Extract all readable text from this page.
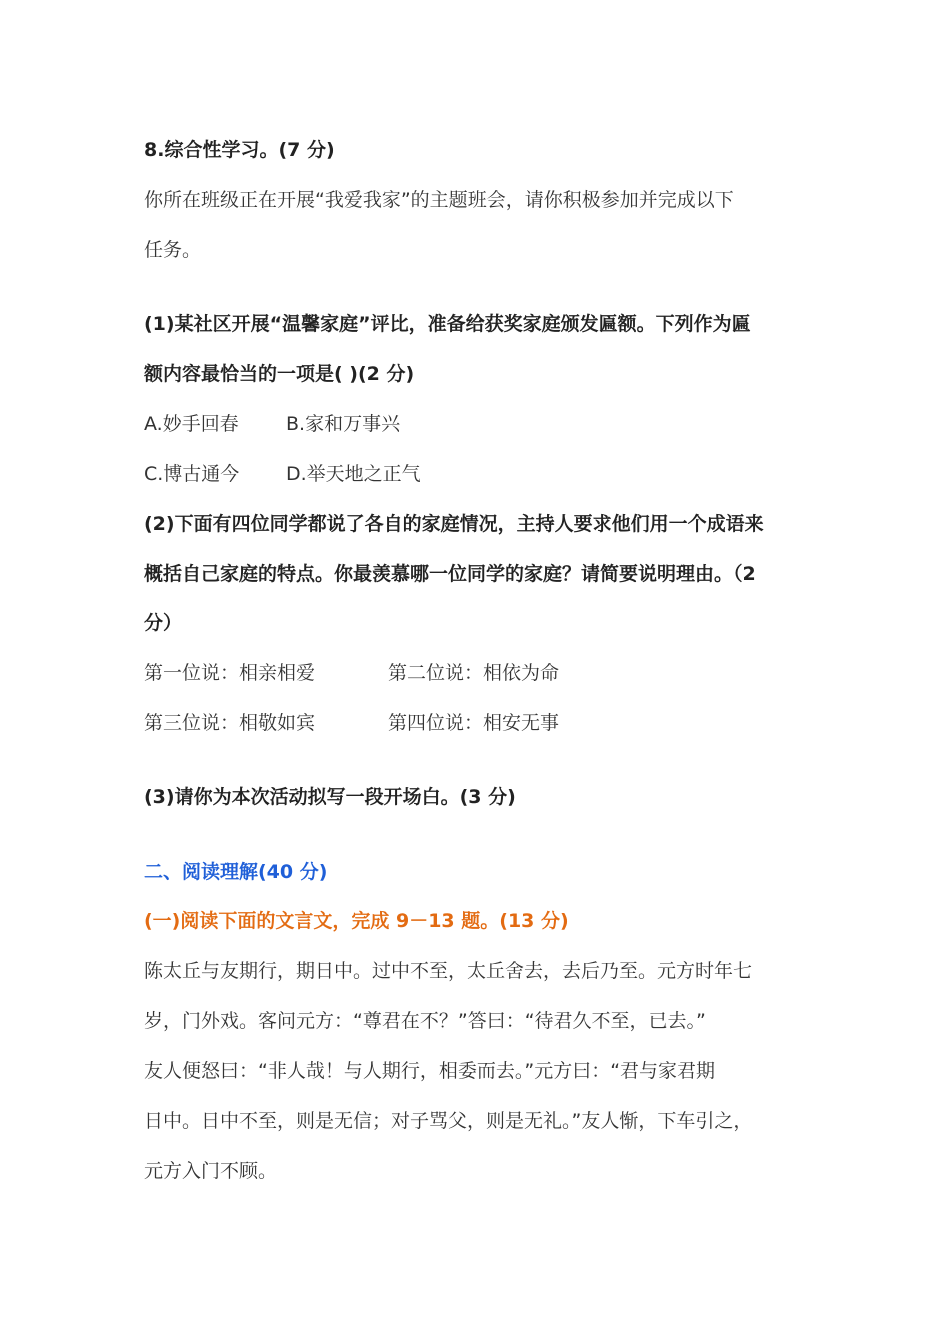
8.综合性学习。(7 分)
你所在班级正在开展“我爱我家”的主题班会，请你积极参加并完成以下
任务。
(1)某社区开展“温馨家庭”评比，准备给获奖家庭颁发匾额。下列作为匾
额内容最恰当的一项是( )(2 分)
A.妙手回春 B.家和万事兴
C.博古通今 D.举天地之正气
(2)下面有四位同学都说了各自的家庭情况，主持人要求他们用一个成语来
概括自己家庭的特点。你最羡慕哪一位同学的家庭？请简要说明理由。（2
分）
第一位说：相亲相爱	第二位说：相依为命
第三位说：相敬如宾	第四位说：相安无事
(3)请你为本次活动拟写一段开场白。(3 分)
二、阅读理解(40 分)
(一)阅读下面的文言文，完成 9－13 题。(13 分)
陈太丘与友期行，期日中。过中不至，太丘舍去，去后乃至。元方时年七
岁，门外戏。客问元方：“尊君在不？”答曰：“待君久不至，已去。”
友人便怒曰：“非人哉！与人期行，相委而去。”元方曰：“君与家君期
日中。日中不至，则是无信；对子骂父，则是无礼。”友人惭，下车引之，
元方入门不顾。
